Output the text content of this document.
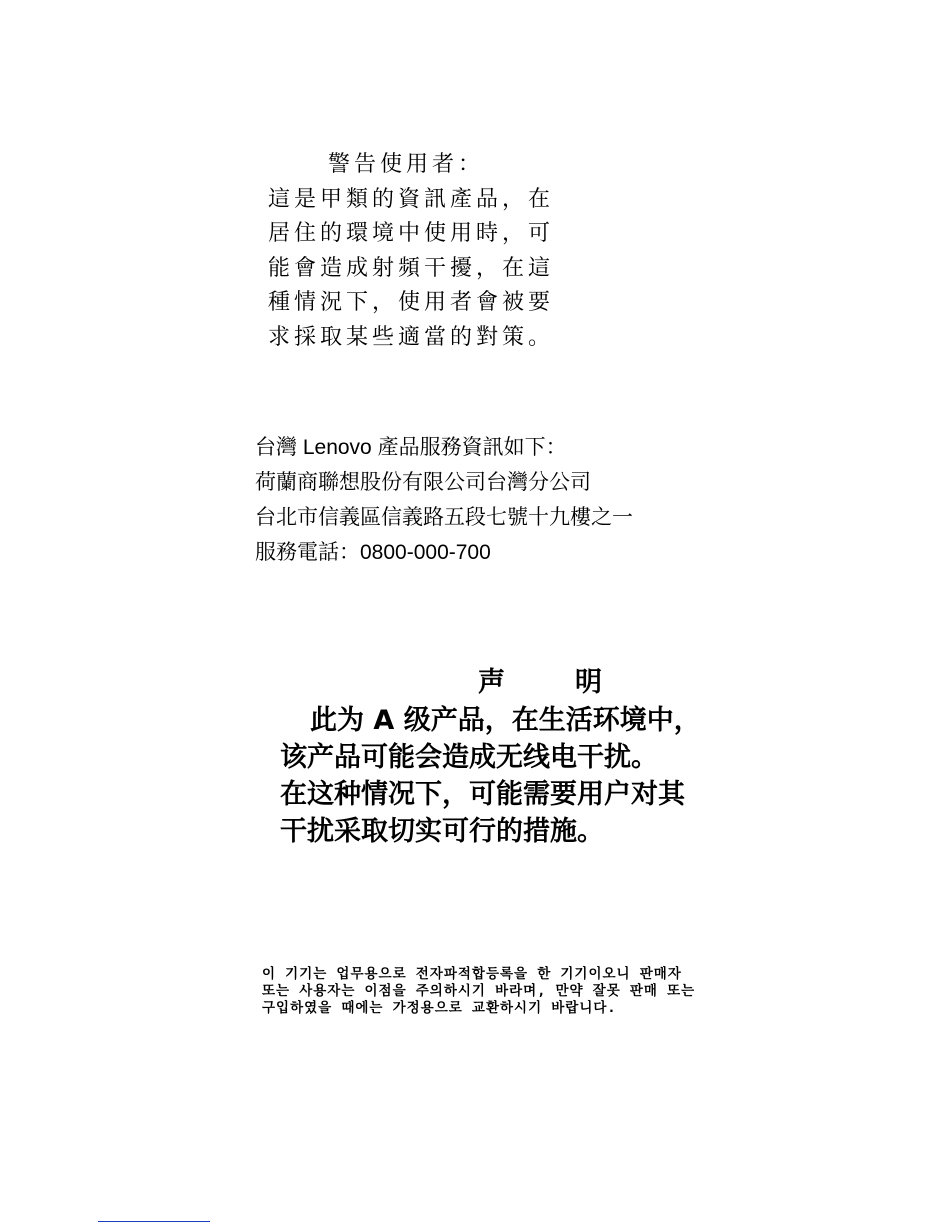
警告使用者：
這是甲類的資訊產品，在
居住的環境中使用時，可
能會造成射頻干擾，在這
種情況下，使用者會被要
求採取某些適當的對策。
台灣 Lenovo 產品服務資訊如下：
荷蘭商聯想股份有限公司台灣分公司
台北市信義區信義路五段七號十九樓之一
服務電話：0800-000-700
声明
此为 A 级产品，在生活环境中，
该产品可能会造成无线电干扰。
在这种情况下，可能需要用户对其
干扰采取切实可行的措施。
이 기기는 업무용으로 전자파적합등록을 한 기기이오니 판매자
또는 사용자는 이점을 주의하시기 바라며, 만약 잘못 판매 또는
구입하였을 때에는 가정용으로 교환하시기 바랍니다.
